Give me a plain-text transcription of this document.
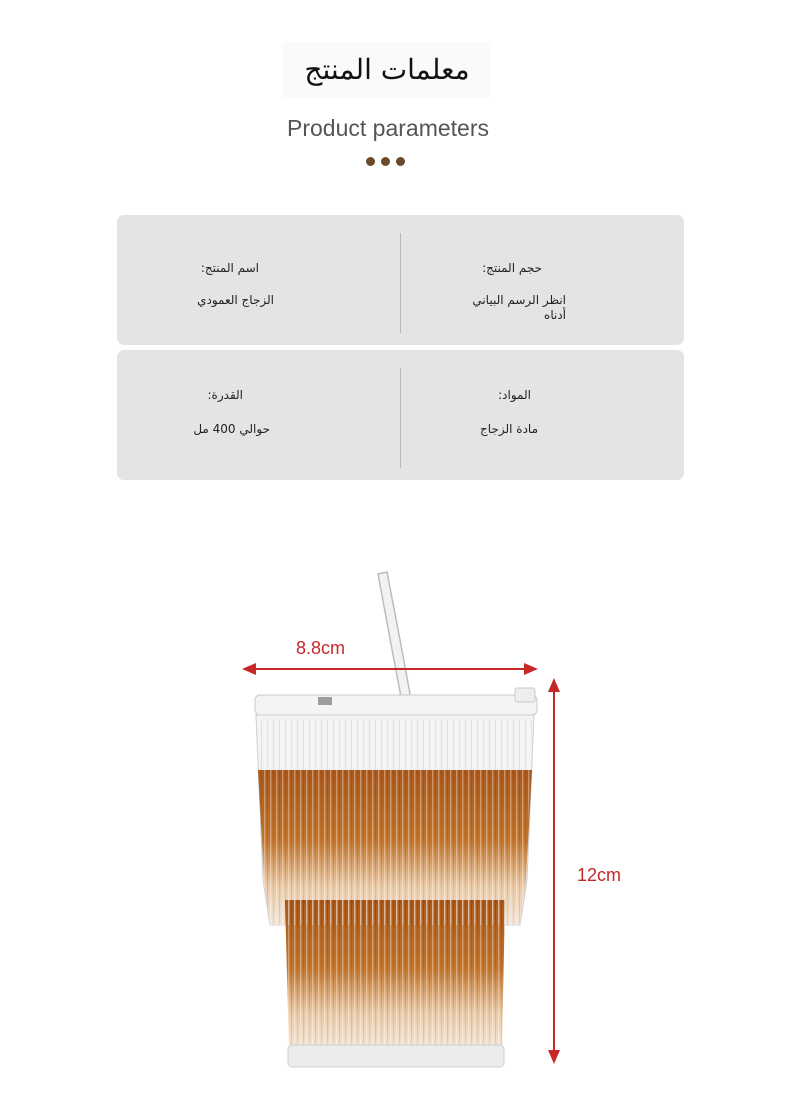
معلمات المنتج
Product parameters
حجم المنتج:
انظر الرسم البياني
أدناه
اسم المنتج:
الزجاج العمودي
المواد:
مادة الزجاج
القدرة:
حوالي 400 مل
8.8cm
12cm
